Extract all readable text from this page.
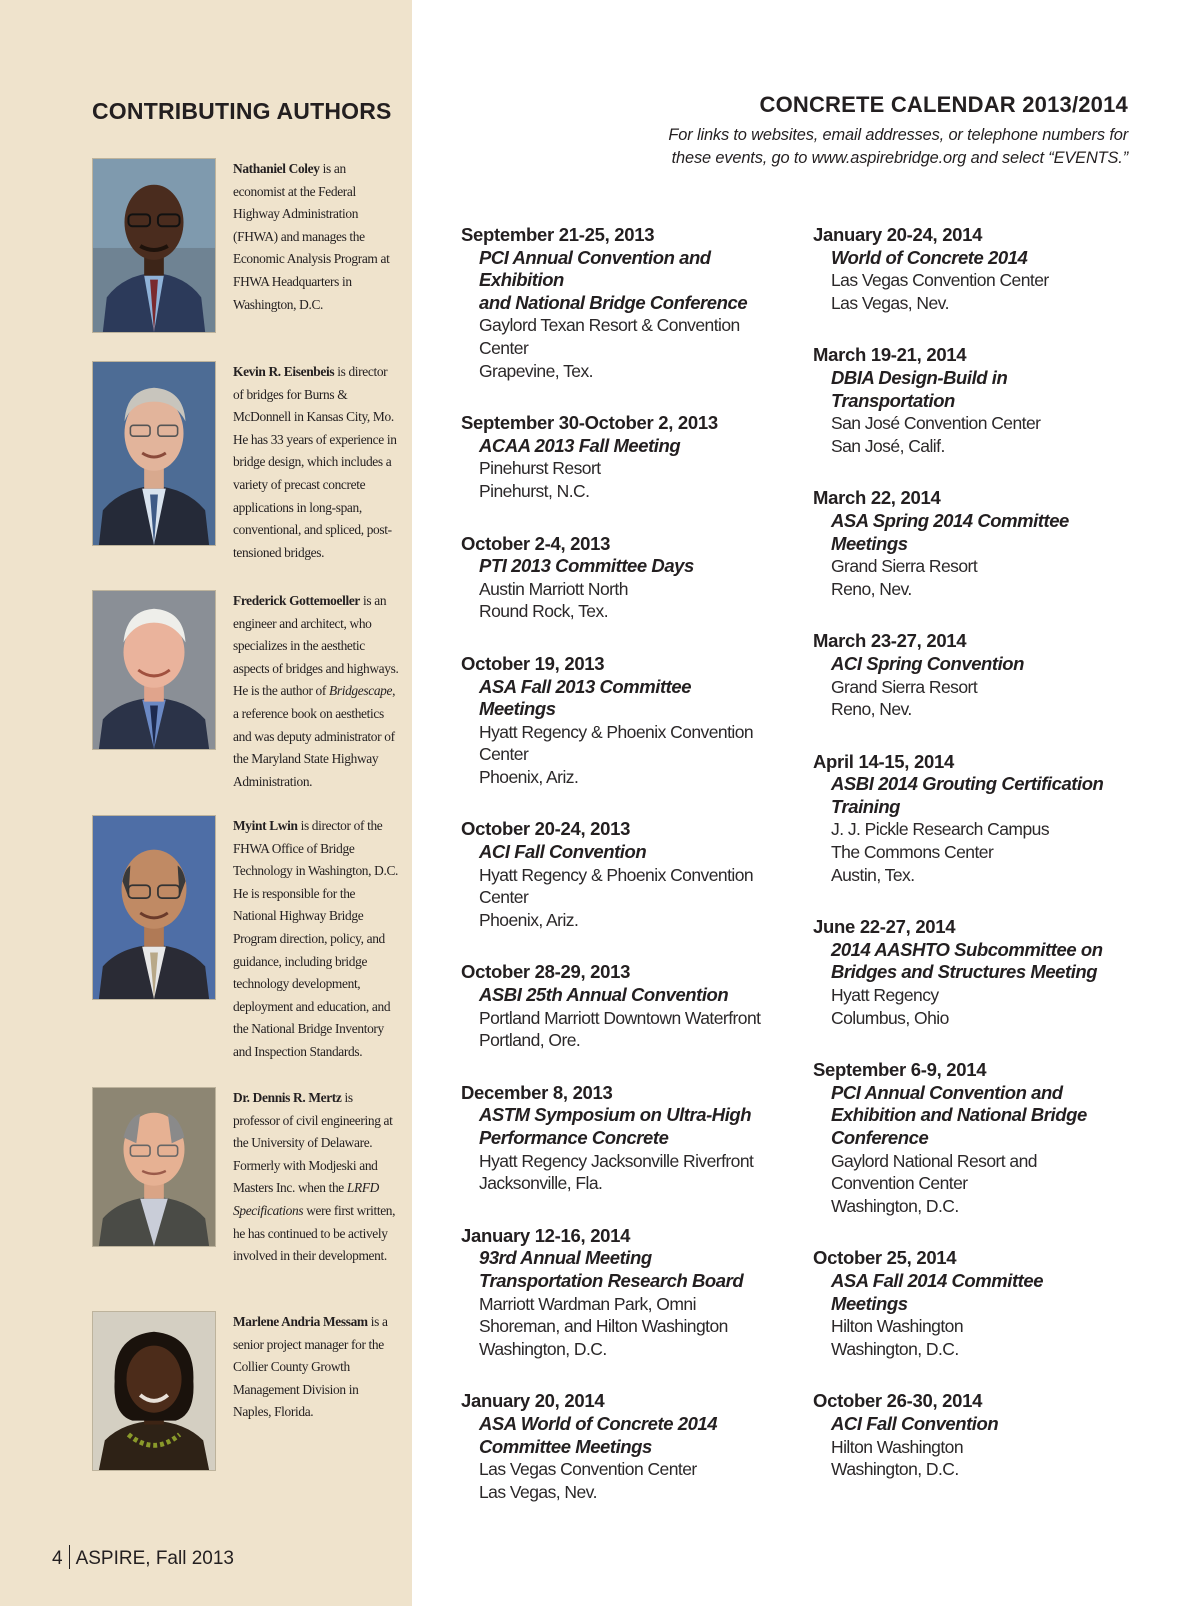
CONTRIBUTING AUTHORS
Nathaniel Coley is an economist at the Federal Highway Administration (FHWA) and manages the Economic Analysis Program at FHWA Headquarters in Washington, D.C.
Kevin R. Eisenbeis is director of bridges for Burns & McDonnell in Kansas City, Mo. He has 33 years of experience in bridge design, which includes a variety of precast concrete applications in long-span, conventional, and spliced, post-tensioned bridges.
Frederick Gottemoeller is an engineer and architect, who specializes in the aesthetic aspects of bridges and highways. He is the author of Bridgescape, a reference book on aesthetics and was deputy administrator of the Maryland State Highway Administration.
Myint Lwin is director of the FHWA Office of Bridge Technology in Washington, D.C. He is responsible for the National Highway Bridge Program direction, policy, and guidance, including bridge technology development, deployment and education, and the National Bridge Inventory and Inspection Standards.
Dr. Dennis R. Mertz is professor of civil engineering at the University of Delaware. Formerly with Modjeski and Masters Inc. when the LRFD Specifications were first written, he has continued to be actively involved in their development.
Marlene Andria Messam is a senior project manager for the Collier County Growth Management Division in Naples, Florida.
CONCRETE CALENDAR 2013/2014
For links to websites, email addresses, or telephone numbers for
these events, go to www.aspirebridge.org and select “EVENTS.”
September 21-25, 2013
PCI Annual Convention and Exhibition
and National Bridge Conference
Gaylord Texan Resort & Convention
Center
Grapevine, Tex.
September 30-October 2, 2013
ACAA 2013 Fall Meeting
Pinehurst Resort
Pinehurst, N.C.
October 2-4, 2013
PTI 2013 Committee Days
Austin Marriott North
Round Rock, Tex.
October 19, 2013
ASA Fall 2013 Committee
Meetings
Hyatt Regency & Phoenix Convention Center
Phoenix, Ariz.
October 20-24, 2013
ACI Fall Convention
Hyatt Regency & Phoenix Convention Center
Phoenix, Ariz.
October 28-29, 2013
ASBI 25th Annual Convention
Portland Marriott Downtown Waterfront
Portland, Ore.
December 8, 2013
ASTM Symposium on Ultra-High
Performance Concrete
Hyatt Regency Jacksonville Riverfront
Jacksonville, Fla.
January 12-16, 2014
93rd Annual Meeting
Transportation Research Board
Marriott Wardman Park, Omni
Shoreman, and Hilton Washington
Washington, D.C.
January 20, 2014
ASA World of Concrete 2014
Committee Meetings
Las Vegas Convention Center
Las Vegas, Nev.
January 20-24, 2014
World of Concrete 2014
Las Vegas Convention Center
Las Vegas, Nev.
March 19-21, 2014
DBIA Design-Build in
Transportation
San José Convention Center
San José, Calif.
March 22, 2014
ASA Spring 2014 Committee
Meetings
Grand Sierra Resort
Reno, Nev.
March 23-27, 2014
ACI Spring Convention
Grand Sierra Resort
Reno, Nev.
April 14-15, 2014
ASBI 2014 Grouting Certification
Training
J. J. Pickle Research Campus
The Commons Center
Austin, Tex.
June 22-27, 2014
2014 AASHTO Subcommittee on
Bridges and Structures Meeting
Hyatt Regency
Columbus, Ohio
September 6-9, 2014
PCI Annual Convention and
Exhibition and National Bridge
Conference
Gaylord National Resort and
Convention Center
Washington, D.C.
October 25, 2014
ASA Fall 2014 Committee
Meetings
Hilton Washington
Washington, D.C.
October 26-30, 2014
ACI Fall Convention
Hilton Washington
Washington, D.C.
4 ASPIRE, Fall 2013
